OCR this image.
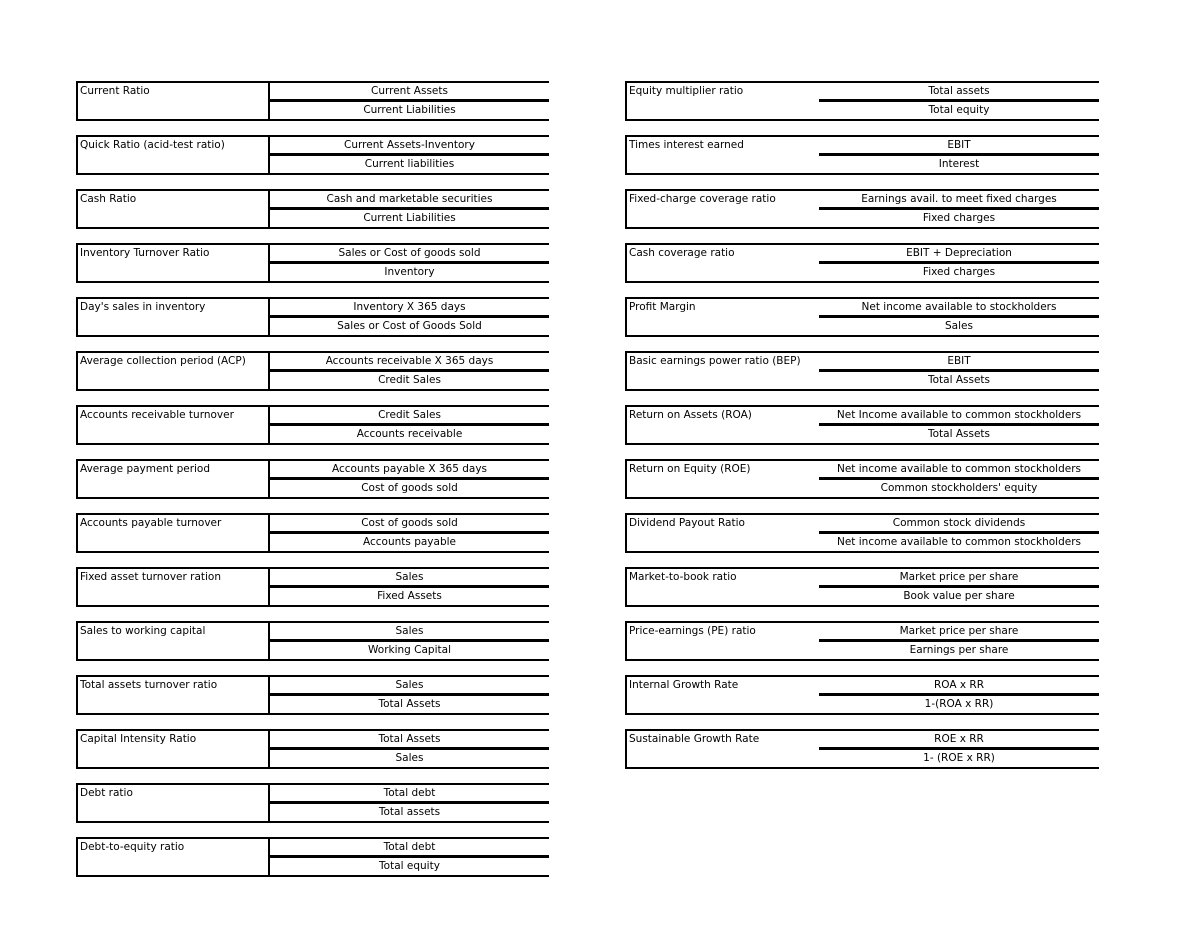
Current Ratio	Current Assets
Current Liabilities
Quick Ratio (acid-test ratio)	Current Assets-Inventory
Current liabilities
Cash Ratio	Cash and marketable securities
Current Liabilities
Inventory Turnover Ratio	Sales or Cost of goods sold
Inventory
Day's sales in inventory	Inventory X 365 days
Sales or Cost of Goods Sold
Average collection period (ACP)	Accounts receivable X 365 days
Credit Sales
Accounts receivable turnover	Credit Sales
Accounts receivable
Average payment period	Accounts payable X 365 days
Cost of goods sold
Accounts payable turnover	Cost of goods sold
Accounts payable
Fixed asset turnover ration	Sales
Fixed Assets
Sales to working capital	Sales
Working Capital
Total assets turnover ratio	Sales
Total Assets
Capital Intensity Ratio	Total Assets
Sales
Debt ratio	Total debt
Total assets
Debt-to-equity ratio	Total debt
Total equity
Equity multiplier ratio	Total assets
Total equity
Times interest earned	EBIT
Interest
Fixed-charge coverage ratio	Earnings avail. to meet fixed charges
Fixed charges
Cash coverage ratio	EBIT + Depreciation
Fixed charges
Profit Margin	Net income available to stockholders
Sales
Basic earnings power ratio (BEP)	EBIT
Total Assets
Return on Assets (ROA)	Net Income available to common stockholders
Total Assets
Return on Equity (ROE)	Net income available to common stockholders
Common stockholders' equity
Dividend Payout Ratio	Common stock dividends
Net income available to common stockholders
Market-to-book ratio	Market price per share
Book value per share
Price-earnings (PE) ratio	Market price per share
Earnings per share
Internal Growth Rate	ROA x RR
1-(ROA x RR)
Sustainable Growth Rate	ROE x RR
1- (ROE x RR)
